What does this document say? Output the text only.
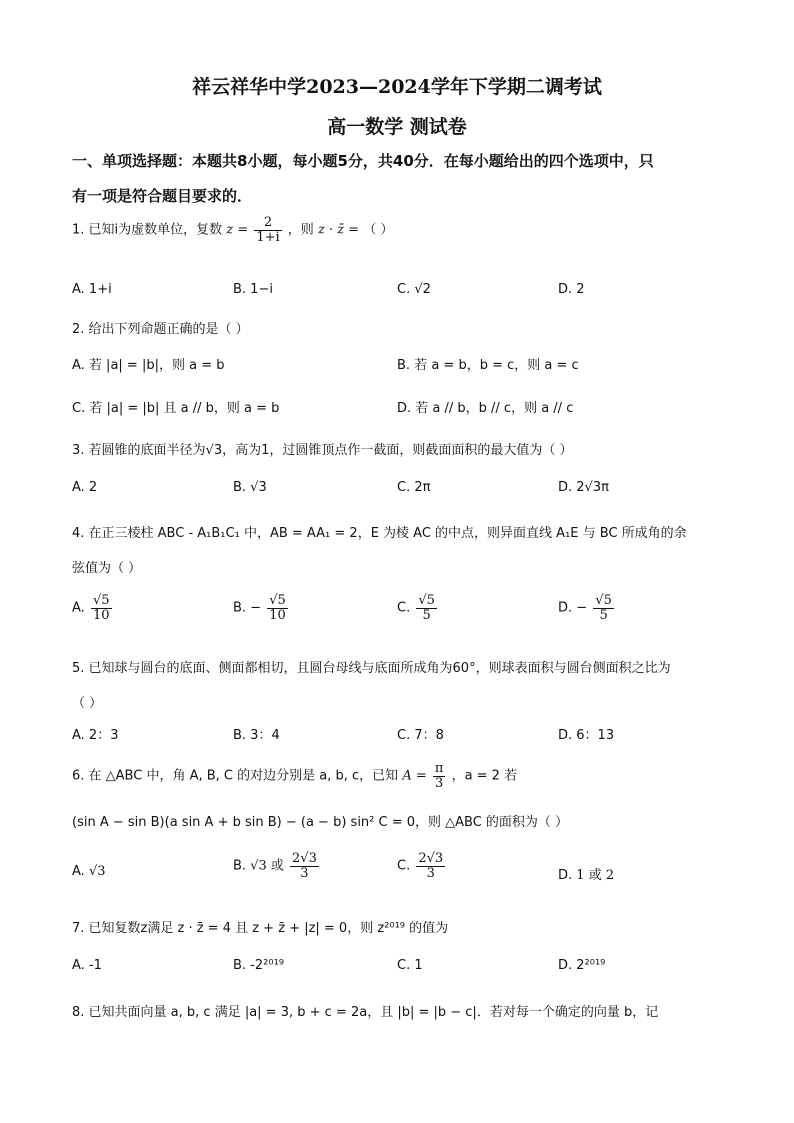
祥云祥华中学2023—2024学年下学期二调考试
高一数学 测试卷
一、单项选择题：本题共8小题，每小题5分，共40分．在每小题给出的四个选项中，只
有一项是符合题目要求的．
1. 已知i为虚数单位，复数 $z = \frac{2}{1+i}$ ，则 z · z̄ = （ ）
A. 1+i	B. 1−i	C. √2	D. 2
2. 给出下列命题正确的是（ ）
A. 若 |a| = |b|，则 a = b	B. 若 a = b，b = c，则 a = c
C. 若 |a| = |b| 且 a // b，则 a = b	D. 若 a // b，b // c，则 a // c
3. 若圆锥的底面半径为√3，高为1，过圆锥顶点作一截面，则截面面积的最大值为（ ）
A. 2	B. √3	C. 2π	D. 2√3π
4. 在正三棱柱 ABC - A₁B₁C₁ 中，AB = AA₁ = 2，E 为棱 AC 的中点，则异面直线 A₁E 与 BC 所成角的余
弦值为（ ）
A. $\frac{√5}{10}$	B. − $\frac{√5}{10}$	C. $\frac{√5}{5}$	D. − $\frac{√5}{5}$
5. 已知球与圆台的底面、侧面都相切，且圆台母线与底面所成角为60°，则球表面积与圆台侧面积之比为
（ ）
A. 2：3	B. 3：4	C. 7：8	D. 6：13
6. 在 △ABC 中，角 A, B, C 的对边分别是 a, b, c，已知 $A = \frac{\pi}{3}$ ，a = 2 若
(sin A − sin B)(a sin A + b sin B) − (a − b) sin² C = 0，则 △ABC 的面积为（ ）
A. √3	B. √3 或 $\frac{2√3}{3}$	C. $\frac{2√3}{3}$	D. 1 或 2
7. 已知复数z满足 z · z̄ = 4 且 z + z̄ + |z| = 0，则 z²⁰¹⁹ 的值为
A. -1	B. -2²⁰¹⁹	C. 1	D. 2²⁰¹⁹
8. 已知共面向量 a, b, c 满足 |a| = 3, b + c = 2a，且 |b| = |b − c|．若对每一个确定的向量 b，记
